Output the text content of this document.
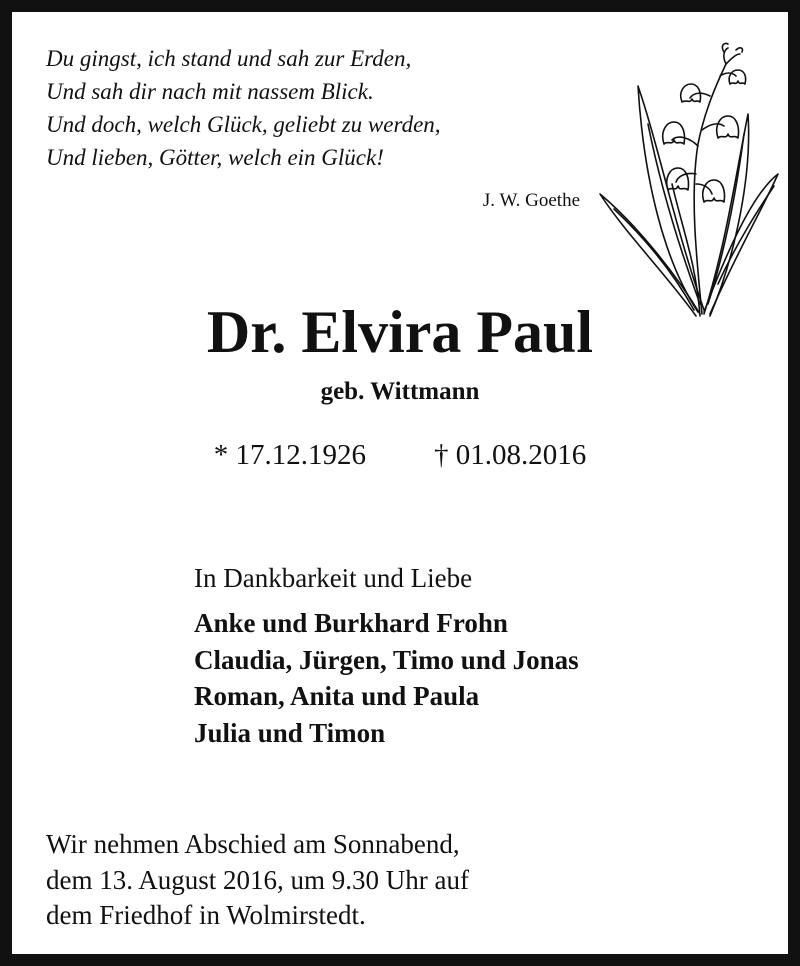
Du gingst, ich stand und sah zur Erden,
Und sah dir nach mit nassem Blick.
Und doch, welch Glück, geliebt zu werden,
Und lieben, Götter, welch ein Glück!
J. W. Goethe
Dr. Elvira Paul
geb. Wittmann
* 17.12.1926 † 01.08.2016
In Dankbarkeit und Liebe
Anke und Burkhard Frohn
Claudia, Jürgen, Timo und Jonas
Roman, Anita und Paula
Julia und Timon
Wir nehmen Abschied am Sonnabend,
dem 13. August 2016, um 9.30 Uhr auf
dem Friedhof in Wolmirstedt.
